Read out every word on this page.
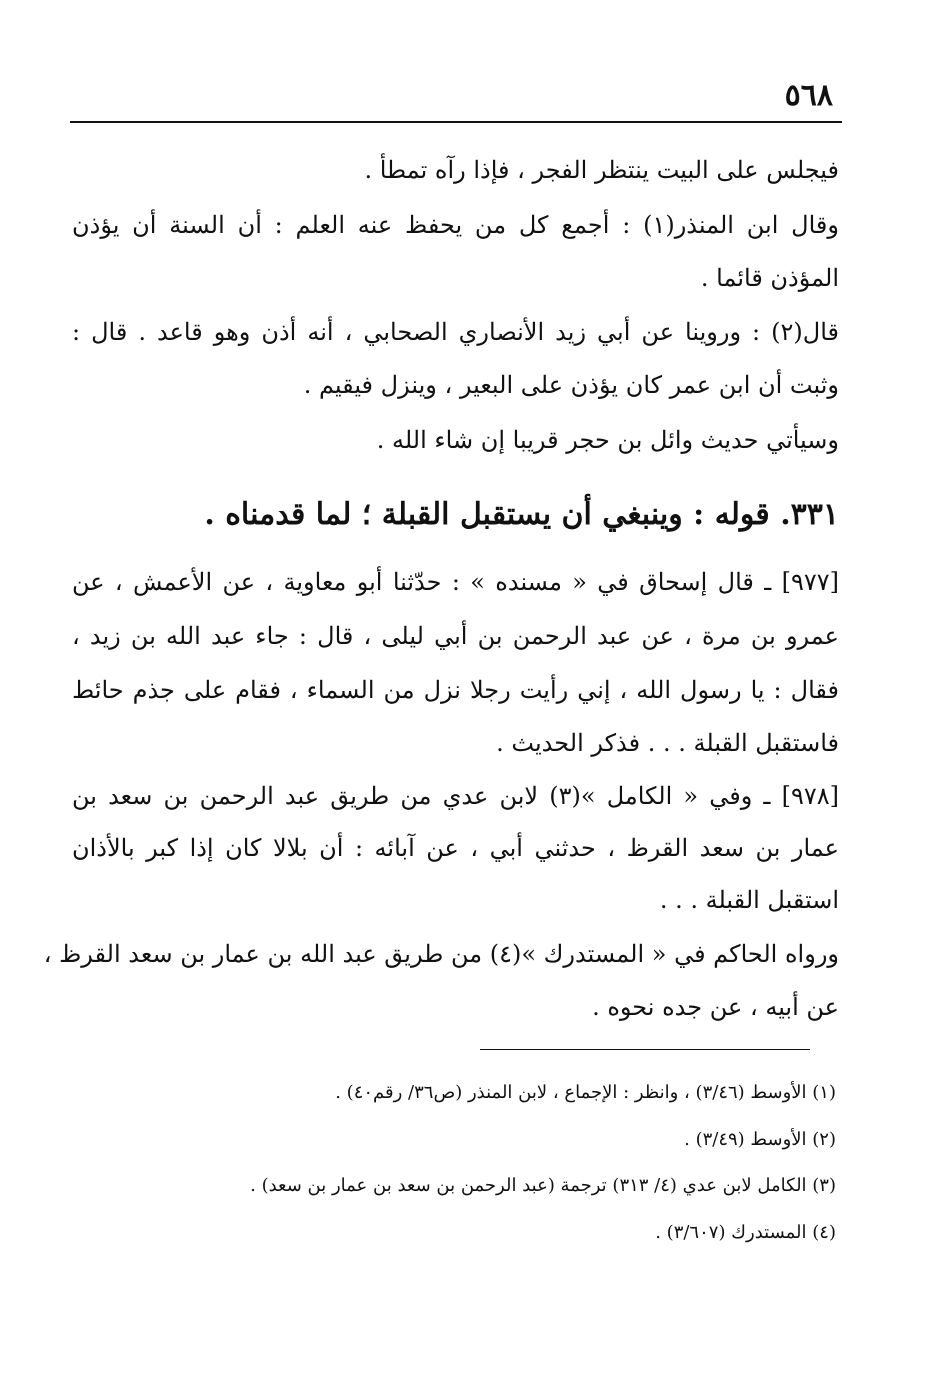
٥٦٨
فيجلس على البيت ينتظر الفجر ، فإذا رآه تمطأ .
وقال ابن المنذر(١) : أجمع كل من يحفظ عنه العلم : أن السنة أن يؤذن
المؤذن قائما .
قال(٢) : وروينا عن أبي زيد الأنصاري الصحابي ، أنه أذن وهو قاعد . قال :
وثبت أن ابن عمر كان يؤذن على البعير ، وينزل فيقيم .
وسيأتي حديث وائل بن حجر قريبا إن شاء الله .
٣٣١. قوله : وينبغي أن يستقبل القبلة ؛ لما قدمناه .
[٩٧٧] ـ قال إسحاق في « مسنده » : حدّثنا أبو معاوية ، عن الأعمش ، عن
عمرو بن مرة ، عن عبد الرحمن بن أبي ليلى ، قال : جاء عبد الله بن زيد ،
فقال : يا رسول الله ، إني رأيت رجلا نزل من السماء ، فقام على جذم حائط
فاستقبل القبلة . . . فذكر الحديث .
[٩٧٨] ـ وفي « الكامل »(٣) لابن عدي من طريق عبد الرحمن بن سعد بن
عمار بن سعد القرظ ، حدثني أبي ، عن آبائه : أن بلالا كان إذا كبر بالأذان
استقبل القبلة . . .
ورواه الحاكم في « المستدرك »(٤) من طريق عبد الله بن عمار بن سعد القرظ ،
عن أبيه ، عن جده نحوه .
(١) الأوسط (٣/٤٦) ، وانظر : الإجماع ، لابن المنذر (ص٣٦/ رقم٤٠) .
(٢) الأوسط (٣/٤٩) .
(٣) الكامل لابن عدي (٤/ ٣١٣) ترجمة (عبد الرحمن بن سعد بن عمار بن سعد) .
(٤) المستدرك (٣/٦٠٧) .
